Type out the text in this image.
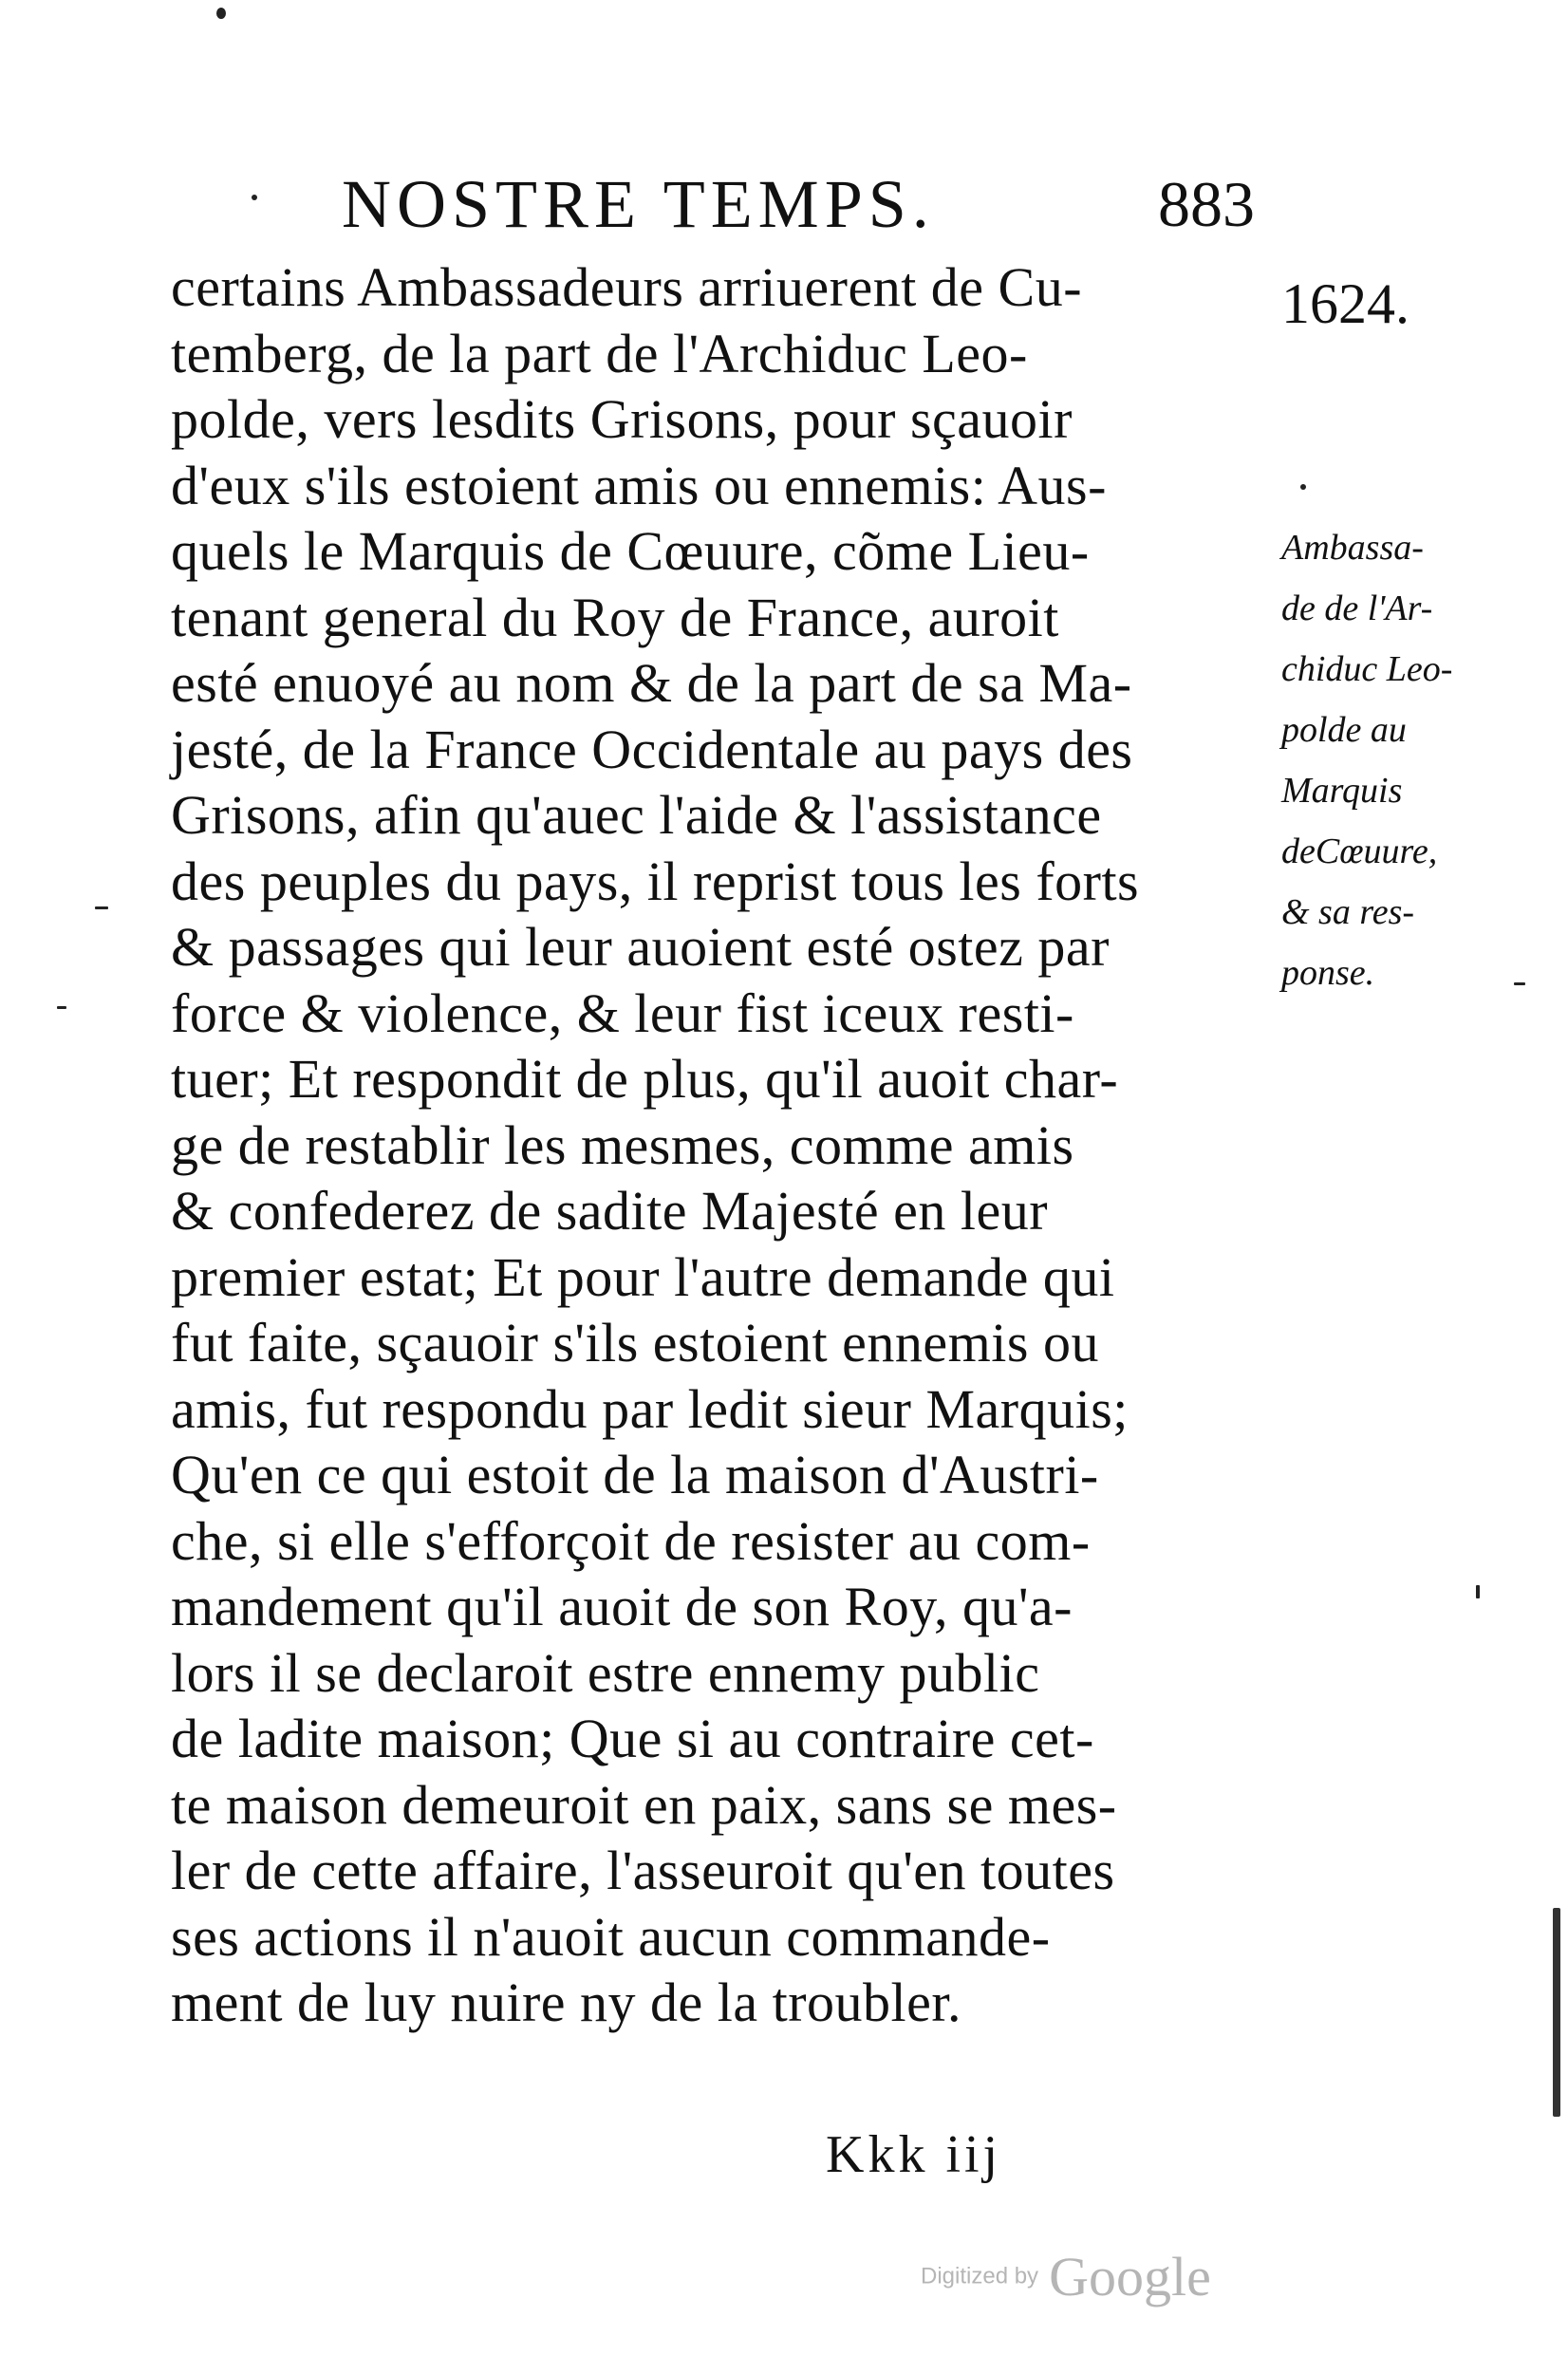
NOSTRE TEMPS.	883
1624.
certains Ambassadeurs arriuerent de Cu-
temberg, de la part de l'Archiduc Leo-
polde, vers lesdits Grisons, pour sçauoir
d'eux s'ils estoient amis ou ennemis: Aus-
quels le Marquis de Cœuure, cõme Lieu-
tenant general du Roy de France, auroit
esté enuoyé au nom & de la part de sa Ma-
jesté, de la France Occidentale au pays des
Grisons, afin qu'auec l'aide & l'assistance
des peuples du pays, il reprist tous les forts
& passages qui leur auoient esté ostez par
force & violence, & leur fist iceux resti-
tuer; Et respondit de plus, qu'il auoit char-
ge de restablir les mesmes, comme amis
& confederez de sadite Majesté en leur
premier estat; Et pour l'autre demande qui
fut faite, sçauoir s'ils estoient ennemis ou
amis, fut respondu par ledit sieur Marquis;
Qu'en ce qui estoit de la maison d'Austri-
che, si elle s'efforçoit de resister au com-
mandement qu'il auoit de son Roy, qu'a-
lors il se declaroit estre ennemy public
de ladite maison; Que si au contraire cet-
te maison demeuroit en paix, sans se mes-
ler de cette affaire, l'asseuroit qu'en toutes
ses actions il n'auoit aucun commande-
ment de luy nuire ny de la troubler.
Ambassa-
de de l'Ar-
chiduc Leo-
polde au
Marquis
deCœuure,
& sa res-
ponse.
Kkk iij
Digitized by Google
